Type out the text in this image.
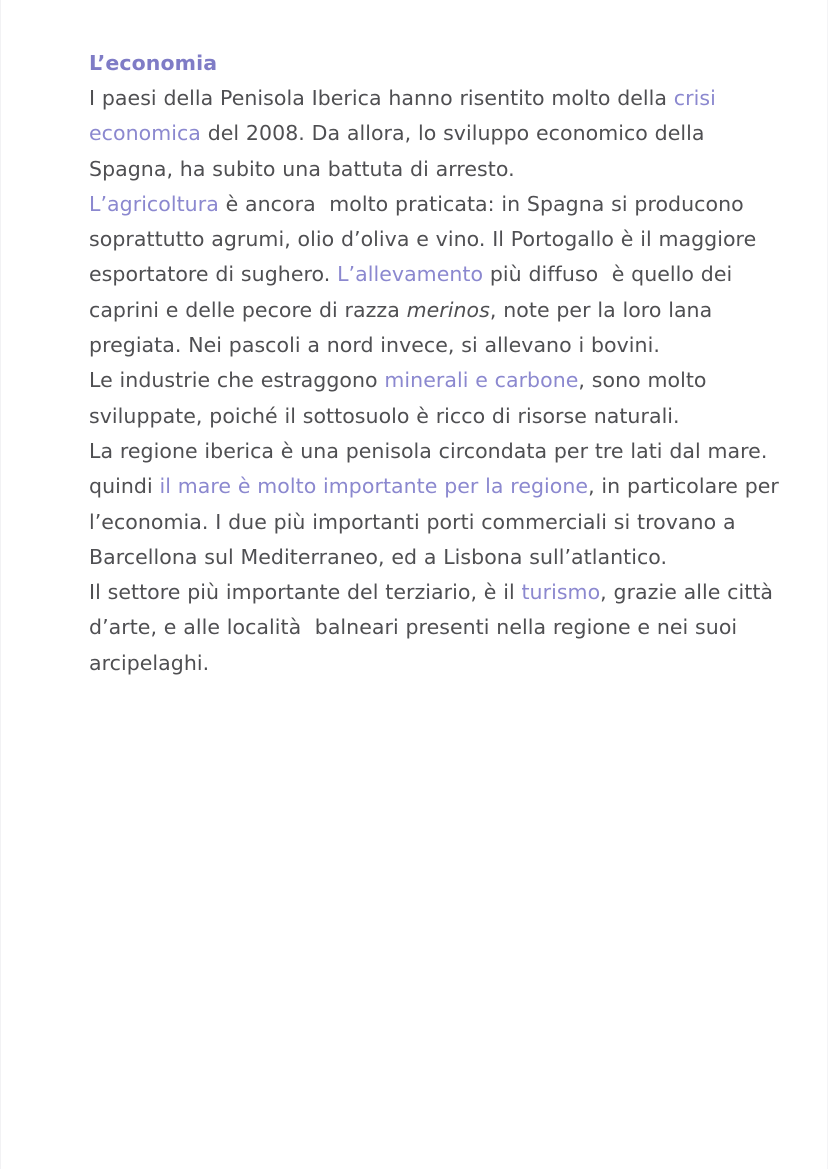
L’economia
I paesi della Penisola Iberica hanno risentito molto della crisi economica del 2008. Da allora, lo sviluppo economico della Spagna, ha subito una battuta di arresto.
L’agricoltura è ancora  molto praticata: in Spagna si producono soprattutto agrumi, olio d’oliva e vino. Il Portogallo è il maggiore esportatore di sughero. L’allevamento più diffuso  è quello dei caprini e delle pecore di razza merinos, note per la loro lana pregiata. Nei pascoli a nord invece, si allevano i bovini.
Le industrie che estraggono minerali e carbone, sono molto sviluppate, poiché il sottosuolo è ricco di risorse naturali.
La regione iberica è una penisola circondata per tre lati dal mare. quindi il mare è molto importante per la regione, in particolare per l’economia. I due più importanti porti commerciali si trovano a Barcellona sul Mediterraneo, ed a Lisbona sull’atlantico.
Il settore più importante del terziario, è il turismo, grazie alle città d’arte, e alle località  balneari presenti nella regione e nei suoi arcipelaghi.
